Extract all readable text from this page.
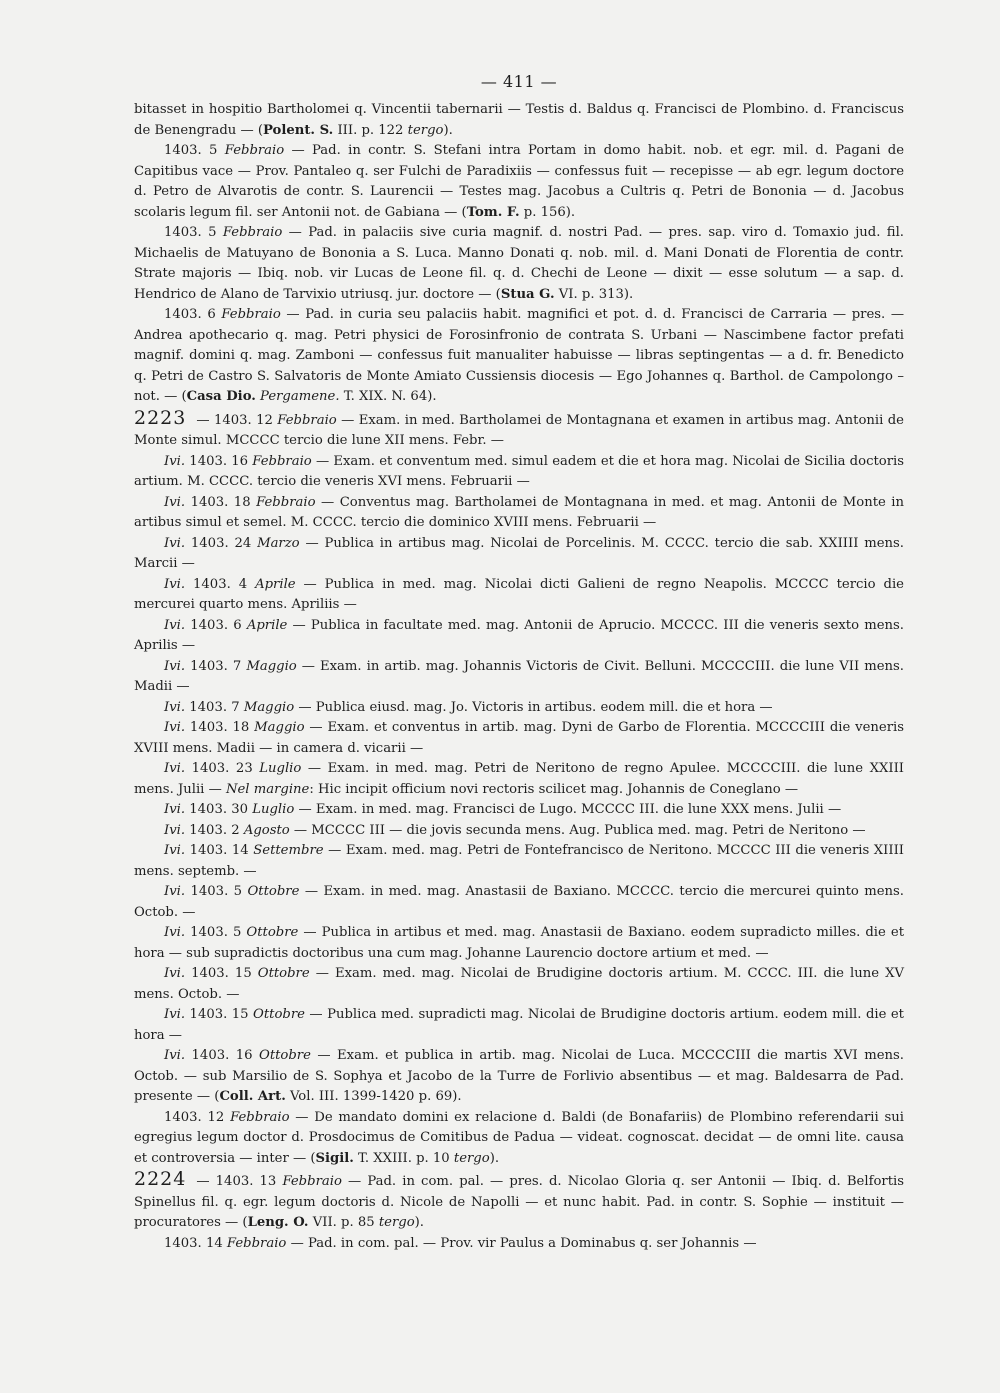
— 411 —

bitasset in hospitio Bartholomei q. Vincentii tabernarii — Testis d. Baldus q. Francisci de Plombino. d. Franciscus de Benengradu — (Polent. S. III. p. 122 tergo).

1403. 5 Febbraio — Pad. in contr. S. Stefani intra Portam in domo habit. nob. et egr. mil. d. Pagani de Capitibus vace — Prov. Pantaleo q. ser Fulchi de Paradixiis — confessus fuit — recepisse — ab egr. legum doctore d. Petro de Alvarotis de contr. S. Laurencii — Testes mag. Jacobus a Cultris q. Petri de Bononia — d. Jacobus scolaris legum fil. ser Antonii not. de Gabiana — (Tom. F. p. 156).

1403. 5 Febbraio — Pad. in palaciis sive curia magnif. d. nostri Pad. — pres. sap. viro d. Tomaxio jud. fil. Michaelis de Matuyano de Bononia a S. Luca. Manno Donati q. nob. mil. d. Mani Donati de Florentia de contr. Strate majoris — Ibiq. nob. vir Lucas de Leone fil. q. d. Chechi de Leone — dixit — esse solutum — a sap. d. Hendrico de Alano de Tarvixio utriusq. jur. doctore — (Stua G. VI. p. 313).

1403. 6 Febbraio — Pad. in curia seu palaciis habit. magnifici et pot. d. d. Francisci de Carraria — pres. — Andrea apothecario q. mag. Petri physici de Forosinfronio de contrata S. Urbani — Nascimbene factor prefati magnif. domini q. mag. Zamboni — confessus fuit manualiter habuisse — libras septingentas — a d. fr. Benedicto q. Petri de Castro S. Salvatoris de Monte Amiato Cussiensis diocesis — Ego Johannes q. Barthol. de Campolongo – not. — (Casa Dio. Pergamene. T. XIX. N. 64).

2223 — 1403. 12 Febbraio — Exam. in med. Bartholamei de Montagnana et examen in artibus mag. Antonii de Monte simul. MCCCC tercio die lune XII mens. Febr. —

Ivi. 1403. 16 Febbraio — Exam. et conventum med. simul eadem et die et hora mag. Nicolai de Sicilia doctoris artium. M. CCCC. tercio die veneris XVI mens. Februarii —

Ivi. 1403. 18 Febbraio — Conventus mag. Bartholamei de Montagnana in med. et mag. Antonii de Monte in artibus simul et semel. M. CCCC. tercio die dominico XVIII mens. Februarii —

Ivi. 1403. 24 Marzo — Publica in artibus mag. Nicolai de Porcelinis. M. CCCC. tercio die sab. XXIIII mens. Marcii —

Ivi. 1403. 4 Aprile — Publica in med. mag. Nicolai dicti Galieni de regno Neapolis. MCCCC tercio die mercurei quarto mens. Apriliis —

Ivi. 1403. 6 Aprile — Publica in facultate med. mag. Antonii de Aprucio. MCCCC. III die veneris sexto mens. Aprilis —

Ivi. 1403. 7 Maggio — Exam. in artib. mag. Johannis Victoris de Civit. Belluni. MCCCCIII. die lune VII mens. Madii —

Ivi. 1403. 7 Maggio — Publica eiusd. mag. Jo. Victoris in artibus. eodem mill. die et hora —

Ivi. 1403. 18 Maggio — Exam. et conventus in artib. mag. Dyni de Garbo de Florentia. MCCCCIII die veneris XVIII mens. Madii — in camera d. vicarii —

Ivi. 1403. 23 Luglio — Exam. in med. mag. Petri de Neritono de regno Apulee. MCCCCIII. die lune XXIII mens. Julii — Nel margine: Hic incipit officium novi rectoris scilicet mag. Johannis de Coneglano —

Ivi. 1403. 30 Luglio — Exam. in med. mag. Francisci de Lugo. MCCCC III. die lune XXX mens. Julii —

Ivi. 1403. 2 Agosto — MCCCC III — die jovis secunda mens. Aug. Publica med. mag. Petri de Neritono —

Ivi. 1403. 14 Settembre — Exam. med. mag. Petri de Fontefrancisco de Neritono. MCCCC III die veneris XIIII mens. septemb. —

Ivi. 1403. 5 Ottobre — Exam. in med. mag. Anastasii de Baxiano. MCCCC. tercio die mercurei quinto mens. Octob. —

Ivi. 1403. 5 Ottobre — Publica in artibus et med. mag. Anastasii de Baxiano. eodem supradicto milles. die et hora — sub supradictis doctoribus una cum mag. Johanne Laurencio doctore artium et med. —

Ivi. 1403. 15 Ottobre — Exam. med. mag. Nicolai de Brudigine doctoris artium. M. CCCC. III. die lune XV mens. Octob. —

Ivi. 1403. 15 Ottobre — Publica med. supradicti mag. Nicolai de Brudigine doctoris artium. eodem mill. die et hora —

Ivi. 1403. 16 Ottobre — Exam. et publica in artib. mag. Nicolai de Luca. MCCCCIII die martis XVI mens. Octob. — sub Marsilio de S. Sophya et Jacobo de la Turre de Forlivio absentibus — et mag. Baldesarra de Pad. presente — (Coll. Art. Vol. III. 1399-1420 p. 69).

1403. 12 Febbraio — De mandato domini ex relacione d. Baldi (de Bonafariis) de Plombino referendarii sui egregius legum doctor d. Prosdocimus de Comitibus de Padua — videat. cognoscat. decidat — de omni lite. causa et controversia — inter — (Sigil. T. XXIII. p. 10 tergo).

2224 — 1403. 13 Febbraio — Pad. in com. pal. — pres. d. Nicolao Gloria q. ser Antonii — Ibiq. d. Belfortis Spinellus fil. q. egr. legum doctoris d. Nicole de Napolli — et nunc habit. Pad. in contr. S. Sophie — instituit — procuratores — (Leng. O. VII. p. 85 tergo).

1403. 14 Febbraio — Pad. in com. pal. — Prov. vir Paulus a Dominabus q. ser Johannis —
